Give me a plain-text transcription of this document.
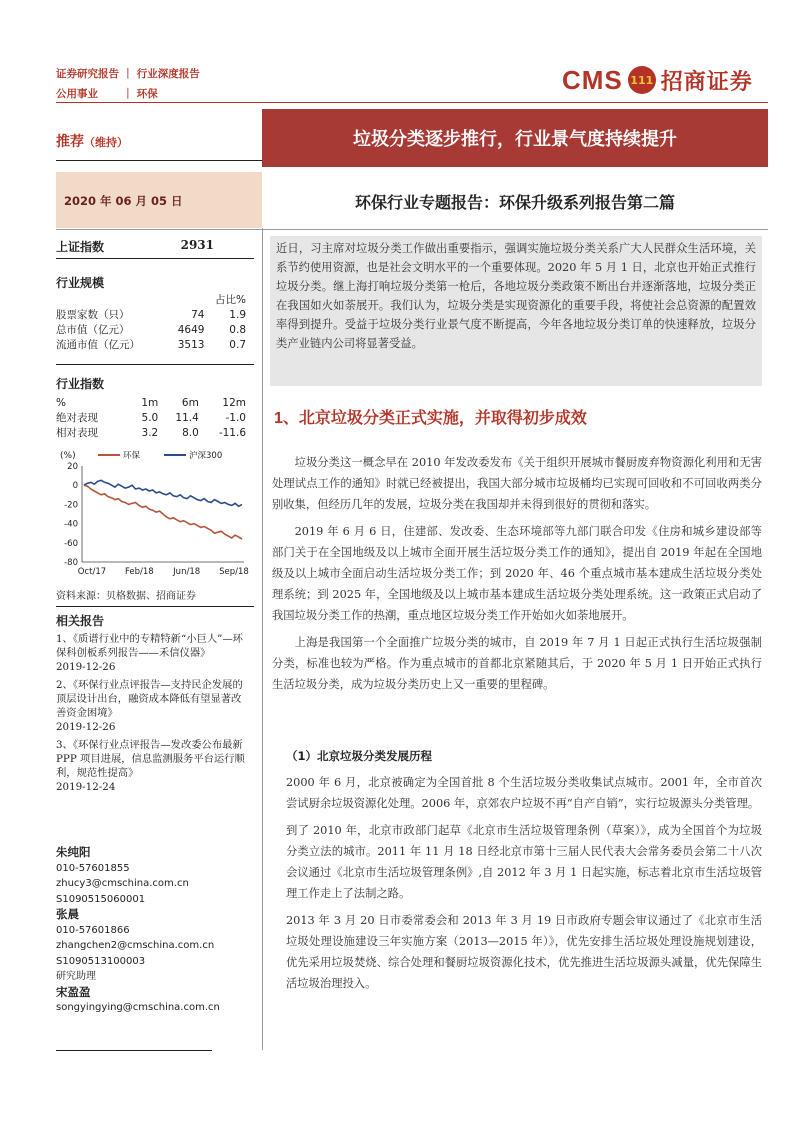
证券研究报告 ｜ 行业深度报告
公用事业　　 ｜ 环保	CMS 111 招商证券
推荐（维持）	垃圾分类逐步推行，行业景气度持续提升
2020 年 06 月 05 日	环保行业专题报告：环保升级系列报告第二篇
上证指数	2931
行业规模
		占比%
股票家数（只）	74	1.9
总市值（亿元）	4649	0.8
流通市值（亿元）	3513	0.7
行业指数
%	1m	6m	12m
绝对表现	5.0	11.4	-1.0
相对表现	3.2	8.0	-11.6
(%)	环保	沪深300
20
0
-20
-40
-60
-80
Oct/17 Feb/18 Jun/18 Sep/18
资料来源：贝格数据、招商证券
相关报告
1、《质谱行业中的专精特新“小巨人”—环保科创板系列报告——禾信仪器》
2019-12-26
2、《环保行业点评报告—支持民企发展的顶层设计出台，融资成本降低有望显著改善资金困境》
2019-12-26
3、《环保行业点评报告—发改委公布最新 PPP 项目进展，信息监测服务平台运行顺利，规范性提高》
2019-12-24
朱纯阳
010-57601855
zhucy3@cmschina.com.cn
S1090515060001
张晨
010-57601866
zhangchen2@cmschina.com.cn
S1090513100003
研究助理
宋盈盈
songyingying@cmschina.com.cn
近日，习主席对垃圾分类工作做出重要指示，强调实施垃圾分类关系广大人民群众生活环境，关系节约使用资源，也是社会文明水平的一个重要体现。2020 年 5 月 1 日，北京也开始正式推行垃圾分类。继上海打响垃圾分类第一枪后，各地垃圾分类政策不断出台并逐渐落地，垃圾分类正在我国如火如荼展开。我们认为，垃圾分类是实现资源化的重要手段，将使社会总资源的配置效率得到提升。受益于垃圾分类行业景气度不断提高，今年各地垃圾分类订单的快速释放，垃圾分类产业链内公司将显著受益。
1、北京垃圾分类正式实施，并取得初步成效

垃圾分类这一概念早在 2010 年发改委发布《关于组织开展城市餐厨废弃物资源化利用和无害处理试点工作的通知》时就已经被提出，我国大部分城市垃圾桶均已实现可回收和不可回收两类分别收集，但经历几年的发展，垃圾分类在我国却并未得到很好的贯彻和落实。

2019 年 6 月 6 日，住建部、发改委、生态环境部等九部门联合印发《住房和城乡建设部等部门关于在全国地级及以上城市全面开展生活垃圾分类工作的通知》，提出自 2019 年起在全国地级及以上城市全面启动生活垃圾分类工作；到 2020 年、46 个重点城市基本建成生活垃圾分类处理系统；到 2025 年，全国地级及以上城市基本建成生活垃圾分类处理系统。这一政策正式启动了我国垃圾分类工作的热潮，重点地区垃圾分类工作开始如火如荼地展开。

上海是我国第一个全面推广垃圾分类的城市，自 2019 年 7 月 1 日起正式执行生活垃圾强制分类，标准也较为严格。作为重点城市的首都北京紧随其后，于 2020 年 5 月 1 日开始正式执行生活垃圾分类，成为垃圾分类历史上又一重要的里程碑。

（1）北京垃圾分类发展历程

2000 年 6 月，北京被确定为全国首批 8 个生活垃圾分类收集试点城市。2001 年，全市首次尝试厨余垃圾资源化处理。2006 年，京郊农户垃圾不再“自产自销”，实行垃圾源头分类管理。

到了 2010 年，北京市政部门起草《北京市生活垃圾管理条例（草案）》，成为全国首个为垃圾分类立法的城市。2011 年 11 月 18 日经北京市第十三届人民代表大会常务委员会第二十八次会议通过《北京市生活垃圾管理条例》,自 2012 年 3 月 1 日起实施，标志着北京市生活垃圾管理工作走上了法制之路。

2013 年 3 月 20 日市委常委会和 2013 年 3 月 19 日市政府专题会审议通过了《北京市生活垃圾处理设施建设三年实施方案（2013—2015 年）》，优先安排生活垃圾处理设施规划建设，优先采用垃圾焚烧、综合处理和餐厨垃圾资源化技术，优先推进生活垃圾源头减量，优先保障生活垃圾治理投入。
